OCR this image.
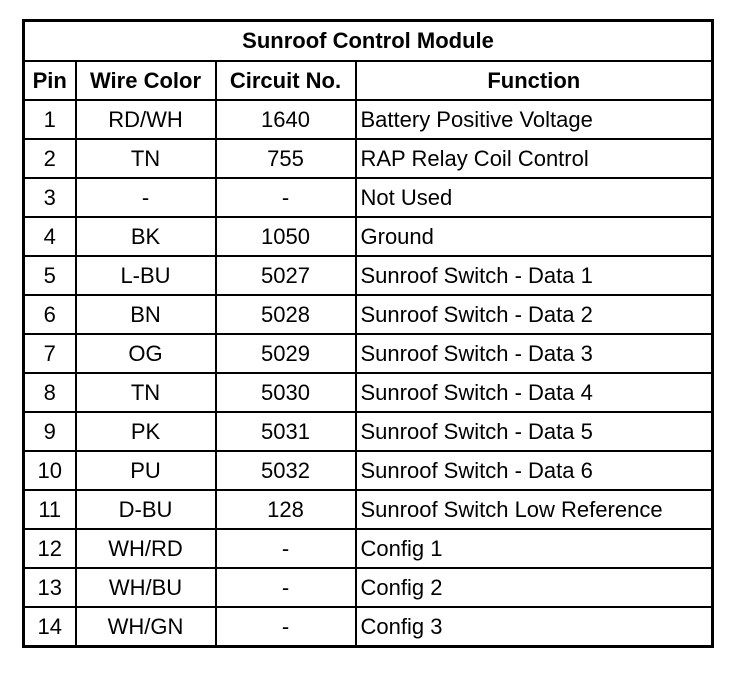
Sunroof Control Module			
Pin	Wire Color	Circuit No.	Function
1	RD/WH	1640	Battery Positive Voltage
2	TN	755	RAP Relay Coil Control
3	-	-	Not Used
4	BK	1050	Ground
5	L-BU	5027	Sunroof Switch - Data 1
6	BN	5028	Sunroof Switch - Data 2
7	OG	5029	Sunroof Switch - Data 3
8	TN	5030	Sunroof Switch - Data 4
9	PK	5031	Sunroof Switch - Data 5
10	PU	5032	Sunroof Switch - Data 6
11	D-BU	128	Sunroof Switch Low Reference
12	WH/RD	-	Config 1
13	WH/BU	-	Config 2
14	WH/GN	-	Config 3
